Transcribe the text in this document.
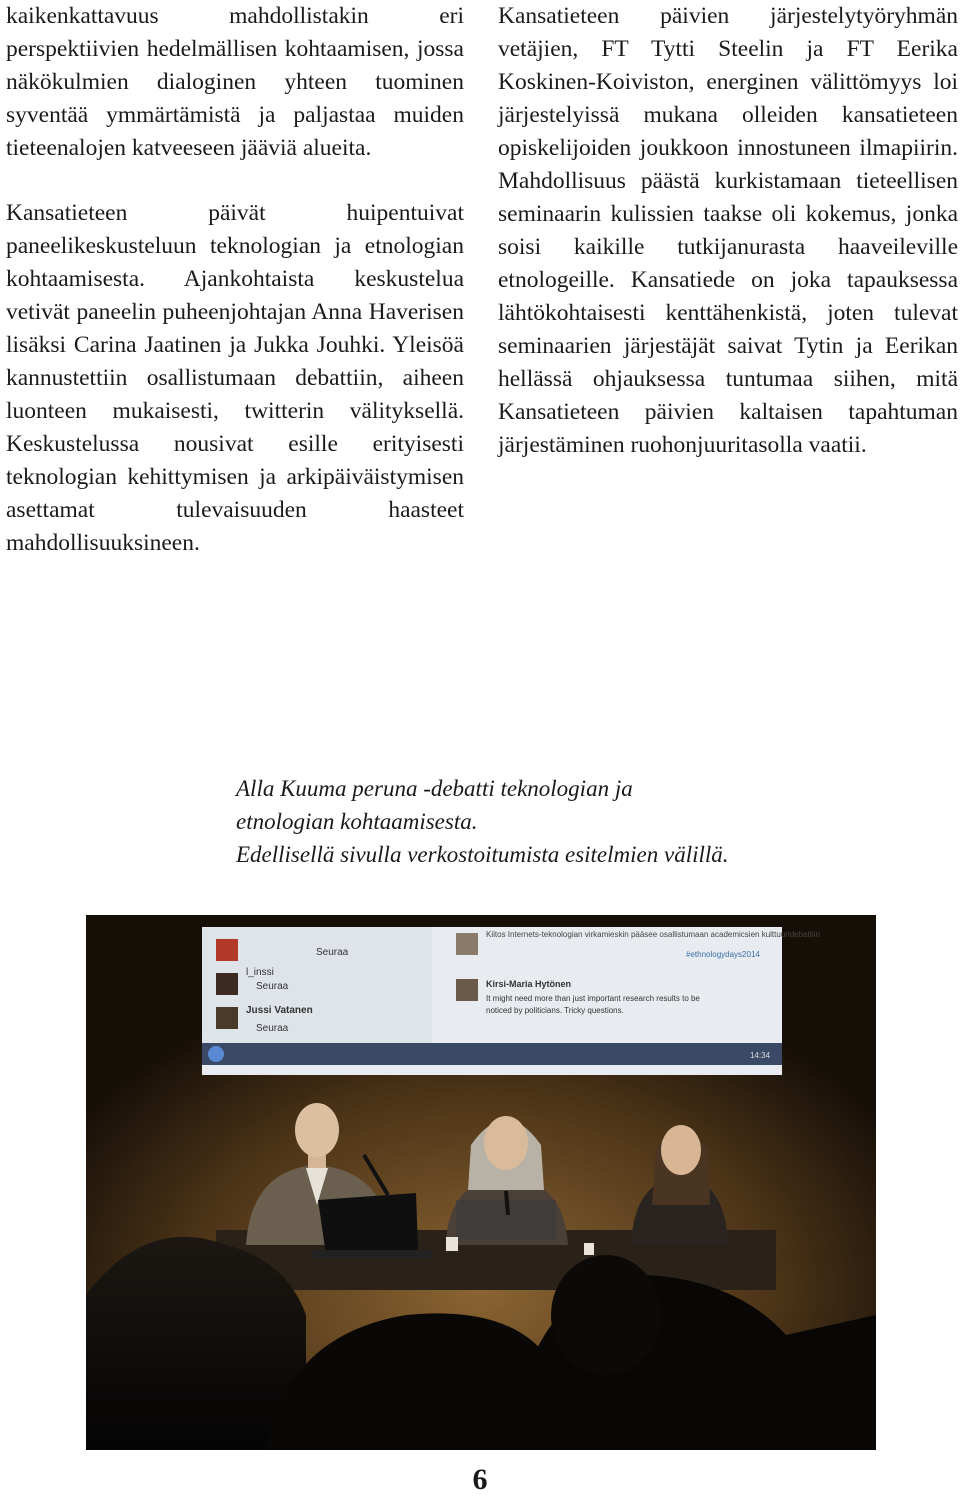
kaikenkattavuus mahdollistakin eri perspektiivien hedelmällisen kohtaamisen, jossa näkökulmien dialoginen yhteen tuominen syventää ymmärtämistä ja paljastaa muiden tieteenalojen katveeseen jääviä alueita.

Kansatieteen päivät huipentuivat paneelikeskusteluun teknologian ja etnologian kohtaamisesta. Ajankohtaista keskustelua vetivät paneelin puheenjohtajan Anna Haverisen lisäksi Carina Jaatinen ja Jukka Jouhki. Yleisöä kannustettiin osallistumaan debattiin, aiheen luonteen mukaisesti, twitterin välityksellä. Keskustelussa nousivat esille erityisesti teknologian kehittymisen ja arkipäiväistymisen asettamat tulevaisuuden haasteet mahdollisuuksineen.

Kansatieteen päivien järjestelytyöryhmän vetäjien, FT Tytti Steelin ja FT Eerika Koskinen-Koiviston, energinen välittömyys loi järjestelyissä mukana olleiden kansatieteen opiskelijoiden joukkoon innostuneen ilmapiirin. Mahdollisuus päästä kurkistamaan tieteellisen seminaarin kulissien taakse oli kokemus, jonka soisi kaikille tutkijanurasta haaveileville etnologeille. Kansatiede on joka tapauksessa lähtökohtaisesti kenttähenkistä, joten tulevat seminaarien järjestäjät saivat Tytin ja Eerikan hellässä ohjauksessa tuntumaa siihen, mitä Kansatieteen päivien kaltaisen tapahtuman järjestäminen ruohonjuuritasolla vaatii.

Alla Kuuma peruna -debatti teknologian ja
etnologian kohtaamisesta.
Edellisellä sivulla verkostoitumista esitelmien välillä.
Seuraa
l_inssi
Seuraa
Jussi Vatanen
Seuraa
Kiitos Internets-teknologian virkamieskin pääsee osallistumaan academicsien kulttuuridebattiin
#ethnologydays2014
Kirsi-Maria Hytönen
It might need more than just important research results to be
noticed by politicians. Tricky questions.
14:34
6
